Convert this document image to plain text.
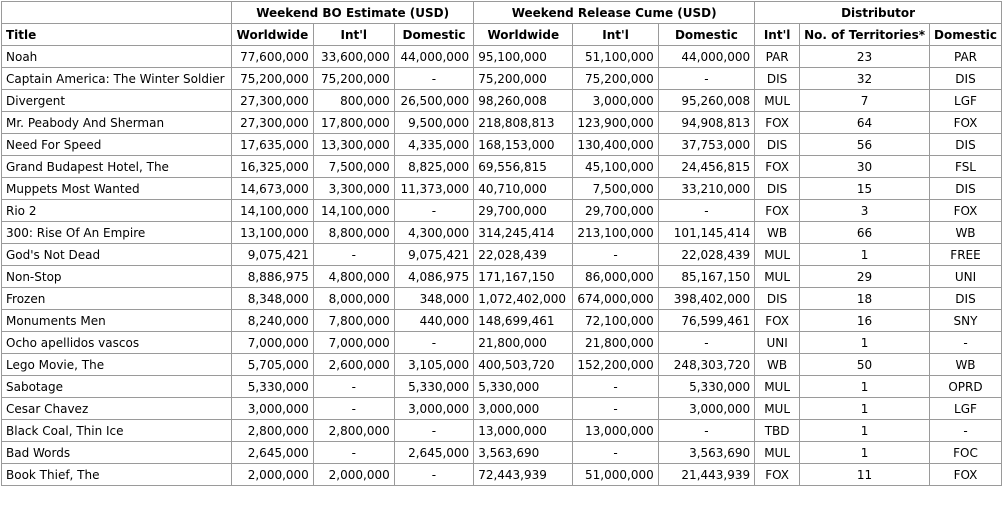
	Weekend BO Estimate (USD)			Weekend Release Cume (USD)			Distributor		
Title	Worldwide	Int'l	Domestic	Worldwide	Int'l	Domestic	Int'l	No. of Territories*	Domestic
Noah	77,600,000	33,600,000	44,000,000	95,100,000	51,100,000	44,000,000	PAR	23	PAR
Captain America: The Winter Soldier	75,200,000	75,200,000	-	75,200,000	75,200,000	-	DIS	32	DIS
Divergent	27,300,000	800,000	26,500,000	98,260,008	3,000,000	95,260,008	MUL	7	LGF
Mr. Peabody And Sherman	27,300,000	17,800,000	9,500,000	218,808,813	123,900,000	94,908,813	FOX	64	FOX
Need For Speed	17,635,000	13,300,000	4,335,000	168,153,000	130,400,000	37,753,000	DIS	56	DIS
Grand Budapest Hotel, The	16,325,000	7,500,000	8,825,000	69,556,815	45,100,000	24,456,815	FOX	30	FSL
Muppets Most Wanted	14,673,000	3,300,000	11,373,000	40,710,000	7,500,000	33,210,000	DIS	15	DIS
Rio 2	14,100,000	14,100,000	-	29,700,000	29,700,000	-	FOX	3	FOX
300: Rise Of An Empire	13,100,000	8,800,000	4,300,000	314,245,414	213,100,000	101,145,414	WB	66	WB
God's Not Dead	9,075,421	-	9,075,421	22,028,439	-	22,028,439	MUL	1	FREE
Non-Stop	8,886,975	4,800,000	4,086,975	171,167,150	86,000,000	85,167,150	MUL	29	UNI
Frozen	8,348,000	8,000,000	348,000	1,072,402,000	674,000,000	398,402,000	DIS	18	DIS
Monuments Men	8,240,000	7,800,000	440,000	148,699,461	72,100,000	76,599,461	FOX	16	SNY
Ocho apellidos vascos	7,000,000	7,000,000	-	21,800,000	21,800,000	-	UNI	1	-
Lego Movie, The	5,705,000	2,600,000	3,105,000	400,503,720	152,200,000	248,303,720	WB	50	WB
Sabotage	5,330,000	-	5,330,000	5,330,000	-	5,330,000	MUL	1	OPRD
Cesar Chavez	3,000,000	-	3,000,000	3,000,000	-	3,000,000	MUL	1	LGF
Black Coal, Thin Ice	2,800,000	2,800,000	-	13,000,000	13,000,000	-	TBD	1	-
Bad Words	2,645,000	-	2,645,000	3,563,690	-	3,563,690	MUL	1	FOC
Book Thief, The	2,000,000	2,000,000	-	72,443,939	51,000,000	21,443,939	FOX	11	FOX
